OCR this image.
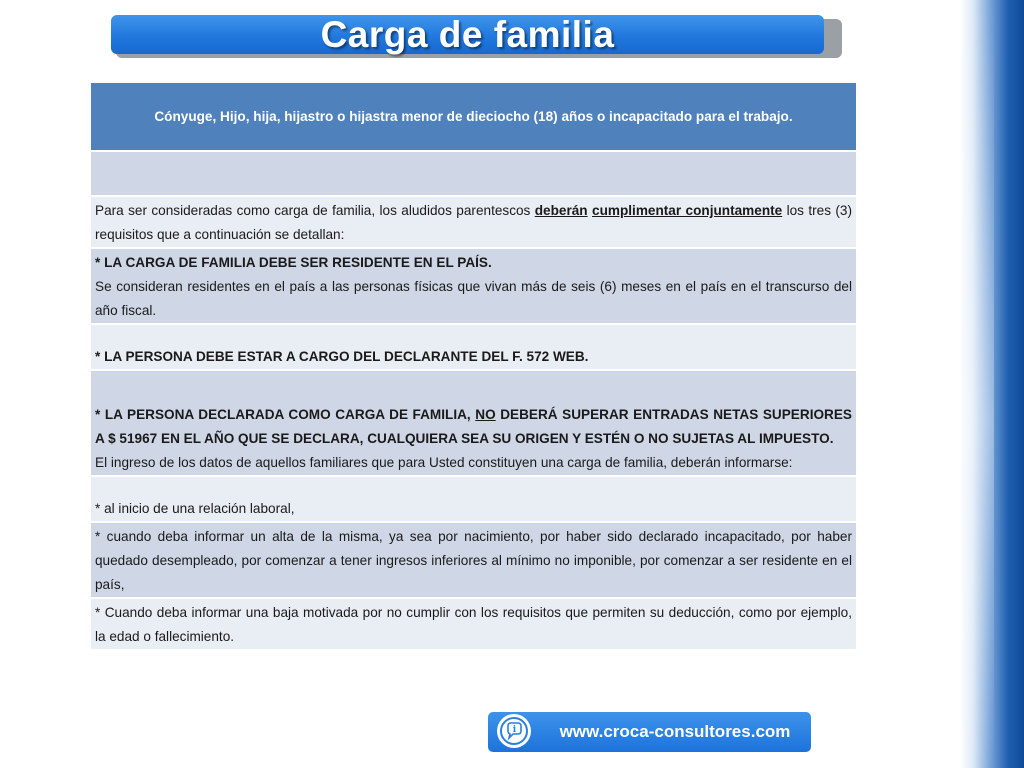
Carga de familia
Cónyuge, Hijo, hija, hijastro o hijastra menor de dieciocho (18) años o incapacitado para el trabajo.
Para ser consideradas como carga de familia, los aludidos parentescos deberán cumplimentar conjuntamente los tres (3) requisitos que a continuación se detallan:
* LA CARGA DE FAMILIA DEBE SER RESIDENTE EN EL PAÍS.
Se consideran residentes en el país a las personas físicas que vivan más de seis (6) meses en el país en el transcurso del año fiscal.
* LA PERSONA DEBE ESTAR A CARGO DEL DECLARANTE DEL F. 572 WEB.
* LA PERSONA DECLARADA COMO CARGA DE FAMILIA, NO DEBERÁ SUPERAR ENTRADAS NETAS SUPERIORES A $ 51967 EN EL AÑO QUE SE DECLARA, CUALQUIERA SEA SU ORIGEN Y ESTÉN O NO SUJETAS AL IMPUESTO.
El ingreso de los datos de aquellos familiares que para Usted constituyen una carga de familia, deberán informarse:
* al inicio de una relación laboral,
* cuando deba informar un alta de la misma, ya sea por nacimiento, por haber sido declarado incapacitado, por haber quedado desempleado, por comenzar a tener ingresos inferiores al mínimo no imponible, por comenzar a ser residente en el país,
* Cuando deba informar una baja motivada por no cumplir con los requisitos que permiten su deducción, como por ejemplo, la edad o fallecimiento.
i	www.croca-consultores.com
